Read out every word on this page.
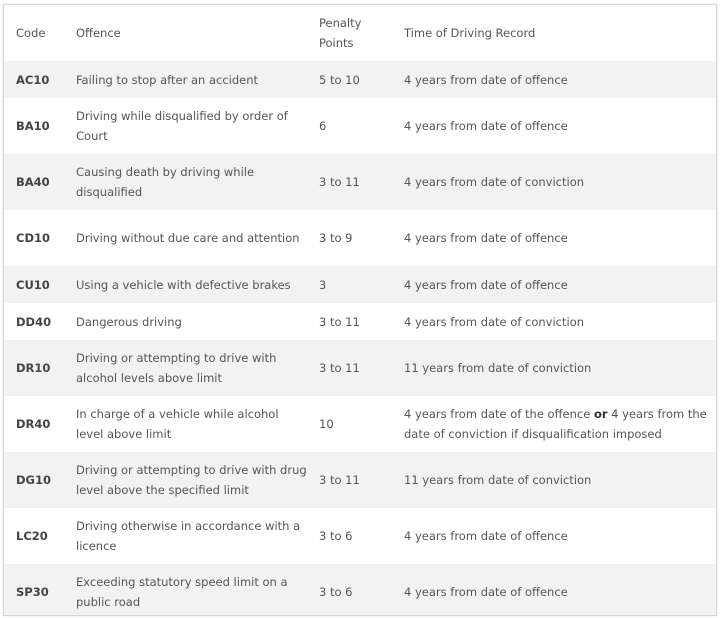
Code	Offence	Penalty Points	Time of Driving Record
AC10	Failing to stop after an accident	5 to 10	4 years from date of offence
BA10	Driving while disqualified by order of Court	6	4 years from date of offence
BA40	Causing death by driving while disqualified	3 to 11	4 years from date of conviction
CD10	Driving without due care and attention	3 to 9	4 years from date of offence
CU10	Using a vehicle with defective brakes	3	4 years from date of offence
DD40	Dangerous driving	3 to 11	4 years from date of conviction
DR10	Driving or attempting to drive with alcohol levels above limit	3 to 11	11 years from date of conviction
DR40	In charge of a vehicle while alcohol level above limit	10	4 years from date of the offence or 4 years from the date of conviction if disqualification imposed
DG10	Driving or attempting to drive with drug level above the specified limit	3 to 11	11 years from date of conviction
LC20	Driving otherwise in accordance with a licence	3 to 6	4 years from date of offence
SP30	Exceeding statutory speed limit on a public road	3 to 6	4 years from date of offence
